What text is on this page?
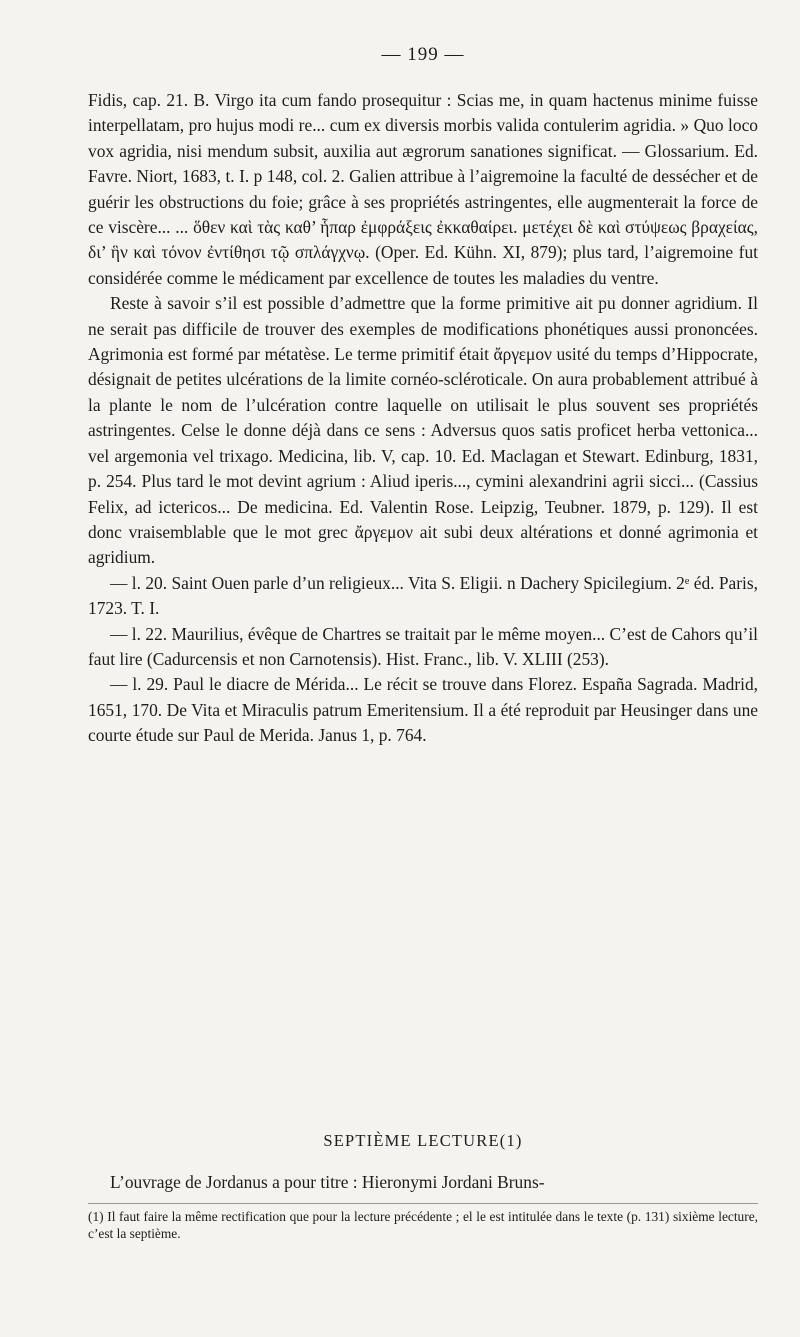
— 199 —

Fidis, cap. 21. B. Virgo ita cum fando prosequitur : Scias me, in quam hactenus minime fuisse interpellatam, pro hujus modi re... cum ex diversis morbis valida contulerim agridia. » Quo loco vox agridia, nisi mendum subsit, auxilia aut ægrorum sanationes significat. — Glossarium. Ed. Favre. Niort, 1683, t. I. p 148, col. 2. Galien attribue à l’aigremoine la faculté de dessécher et de guérir les obstructions du foie; grâce à ses propriétés astringentes, elle augmenterait la force de ce viscère... ... ὅθεν καὶ τὰς καθ’ ἧπαρ ἐμφράξεις ἐκκαθαίρει. μετέχει δὲ καὶ στύψεως βραχείας, δι’ ἣν καὶ τόνον ἐντίθησι τῷ σπλάγχνῳ. (Oper. Ed. Kühn. XI, 879); plus tard, l’aigremoine fut considérée comme le médicament par excellence de toutes les maladies du ventre.

Reste à savoir s’il est possible d’admettre que la forme primitive ait pu donner agridium. Il ne serait pas difficile de trouver des exemples de modifications phonétiques aussi prononcées. Agrimonia est formé par métatèse. Le terme primitif était ἄργεμον usité du temps d’Hippocrate, désignait de petites ulcérations de la limite cornéo-scléroticale. On aura probablement attribué à la plante le nom de l’ulcération contre laquelle on utilisait le plus souvent ses propriétés astringentes. Celse le donne déjà dans ce sens : Adversus quos satis proficet herba vettonica... vel argemonia vel trixago. Medicina, lib. V, cap. 10. Ed. Maclagan et Stewart. Edinburg, 1831, p. 254. Plus tard le mot devint agrium : Aliud iperis..., cymini alexandrini agrii sicci... (Cassius Felix, ad ictericos... De medicina. Ed. Valentin Rose. Leipzig, Teubner. 1879, p. 129). Il est donc vraisemblable que le mot grec ἄργεμον ait subi deux altérations et donné agrimonia et agridium.

— l. 20. Saint Ouen parle d’un religieux... Vita S. Eligii. n Dachery Spicilegium. 2ᵉ éd. Paris, 1723. T. I.

— l. 22. Maurilius, évêque de Chartres se traitait par le même moyen... C’est de Cahors qu’il faut lire (Cadurcensis et non Carnotensis). Hist. Franc., lib. V. XLIII (253).

— l. 29. Paul le diacre de Mérida... Le récit se trouve dans Florez. España Sagrada. Madrid, 1651, 170. De Vita et Miraculis patrum Emeritensium. Il a été reproduit par Heusinger dans une courte étude sur Paul de Merida. Janus 1, p. 764.

SEPTIÈME LECTURE(1)
L’ouvrage de Jordanus a pour titre : Hieronymi Jordani Bruns-

(1) Il faut faire la même rectification que pour la lecture précédente ; el le est intitulée dans le texte (p. 131) sixième lecture, c’est la septième.
